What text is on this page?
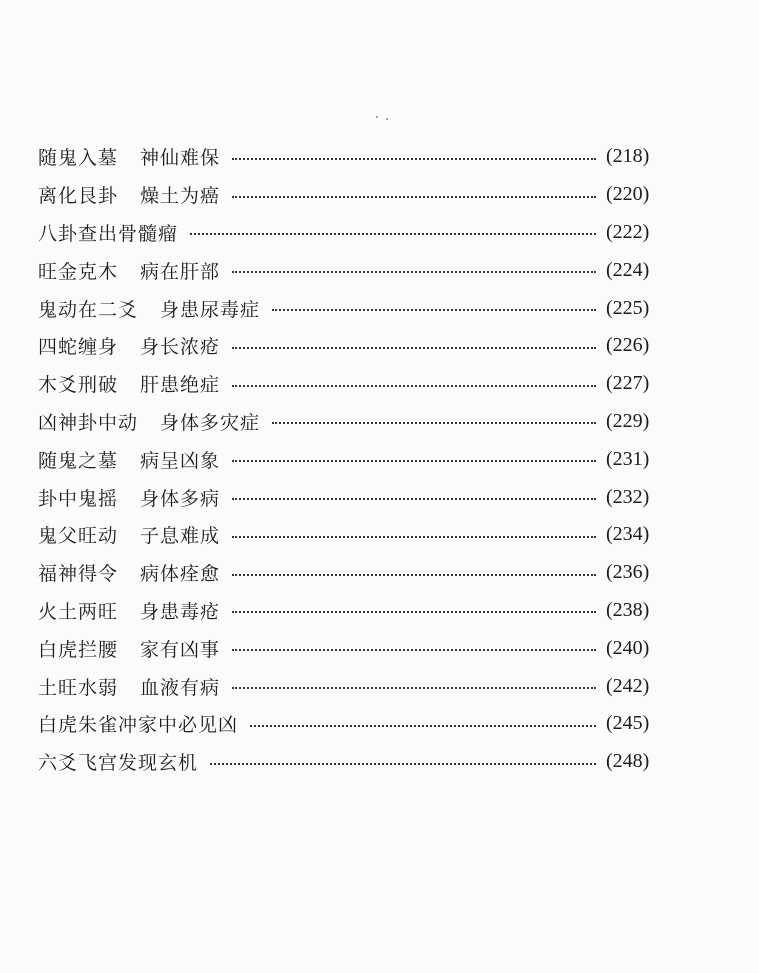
随鬼入墓 神仙难保	(218)
离化艮卦 燥土为癌	(220)
八卦查出骨髓瘤	(222)
旺金克木 病在肝部	(224)
鬼动在二爻 身患尿毒症	(225)
四蛇缠身 身长浓疮	(226)
木爻刑破 肝患绝症	(227)
凶神卦中动 身体多灾症	(229)
随鬼之墓 病呈凶象	(231)
卦中鬼摇 身体多病	(232)
鬼父旺动 子息难成	(234)
福神得令 病体痊愈	(236)
火土两旺 身患毒疮	(238)
白虎拦腰 家有凶事	(240)
土旺水弱 血液有病	(242)
白虎朱雀冲家中必见凶	(245)
六爻飞宫发现玄机	(248)
